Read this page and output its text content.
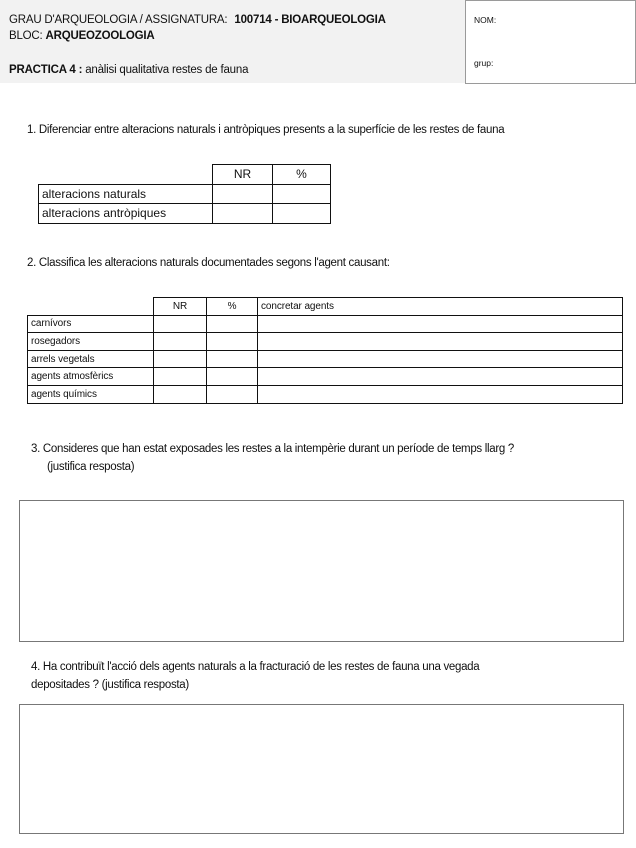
GRAU D'ARQUEOLOGIA / ASSIGNATURA: 100714 - BIOARQUEOLOGIA
BLOC: ARQUEOZOOLOGIA
PRACTICA 4 : anàlisi qualitativa restes de fauna
NOM:
grup:
1. Diferenciar entre alteracions naturals i antròpiques presents a la superfície de les restes de fauna
	NR	%
alteracions naturals		
alteracions antròpiques		
2. Classifica les alteracions naturals documentades segons l'agent causant:
	NR	%	concretar agents
carnívors			
rosegadors			
arrels vegetals			
agents atmosfèrics			
agents químics			
3. Consideres que han estat exposades les restes a la intempèrie durant un període de temps llarg ?
(justifica resposta)
4. Ha contribuït l'acció dels agents naturals a la fracturació de les restes de fauna una vegada
depositades ? (justifica resposta)
